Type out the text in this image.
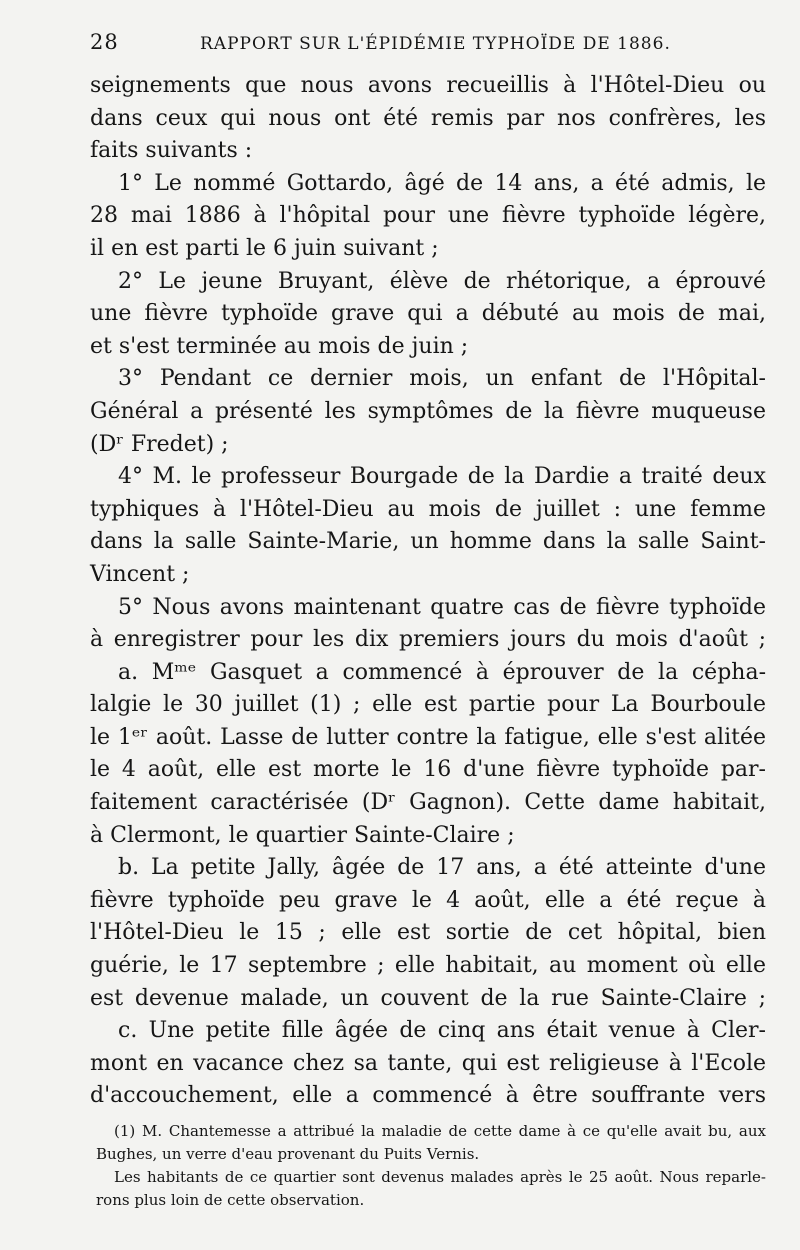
28	RAPPORT SUR L'ÉPIDÉMIE TYPHOÏDE DE 1886.
seignements que nous avons recueillis à l'Hôtel-Dieu ou
dans ceux qui nous ont été remis par nos confrères, les
faits suivants :
1° Le nommé Gottardo, âgé de 14 ans, a été admis, le
28 mai 1886 à l'hôpital pour une fièvre typhoïde légère,
il en est parti le 6 juin suivant ;
2° Le jeune Bruyant, élève de rhétorique, a éprouvé
une fièvre typhoïde grave qui a débuté au mois de mai,
et s'est terminée au mois de juin ;
3° Pendant ce dernier mois, un enfant de l'Hôpital-
Général a présenté les symptômes de la fièvre muqueuse
(Dʳ Fredet) ;
4° M. le professeur Bourgade de la Dardie a traité deux
typhiques à l'Hôtel-Dieu au mois de juillet : une femme
dans la salle Sainte-Marie, un homme dans la salle Saint-
Vincent ;
5° Nous avons maintenant quatre cas de fièvre typhoïde
à enregistrer pour les dix premiers jours du mois d'août ;
a. Mᵐᵉ Gasquet a commencé à éprouver de la cépha-
lalgie le 30 juillet (1) ; elle est partie pour La Bourboule
le 1ᵉʳ août. Lasse de lutter contre la fatigue, elle s'est alitée
le 4 août, elle est morte le 16 d'une fièvre typhoïde par-
faitement caractérisée (Dʳ Gagnon). Cette dame habitait,
à Clermont, le quartier Sainte-Claire ;
b. La petite Jally, âgée de 17 ans, a été atteinte d'une
fièvre typhoïde peu grave le 4 août, elle a été reçue à
l'Hôtel-Dieu le 15 ; elle est sortie de cet hôpital, bien
guérie, le 17 septembre ; elle habitait, au moment où elle
est devenue malade, un couvent de la rue Sainte-Claire ;
c. Une petite fille âgée de cinq ans était venue à Cler-
mont en vacance chez sa tante, qui est religieuse à l'Ecole
d'accouchement, elle a commencé à être souffrante vers
(1) M. Chantemesse a attribué la maladie de cette dame à ce qu'elle avait bu, aux
Bughes, un verre d'eau provenant du Puits Vernis.
Les habitants de ce quartier sont devenus malades après le 25 août. Nous reparle-
rons plus loin de cette observation.
